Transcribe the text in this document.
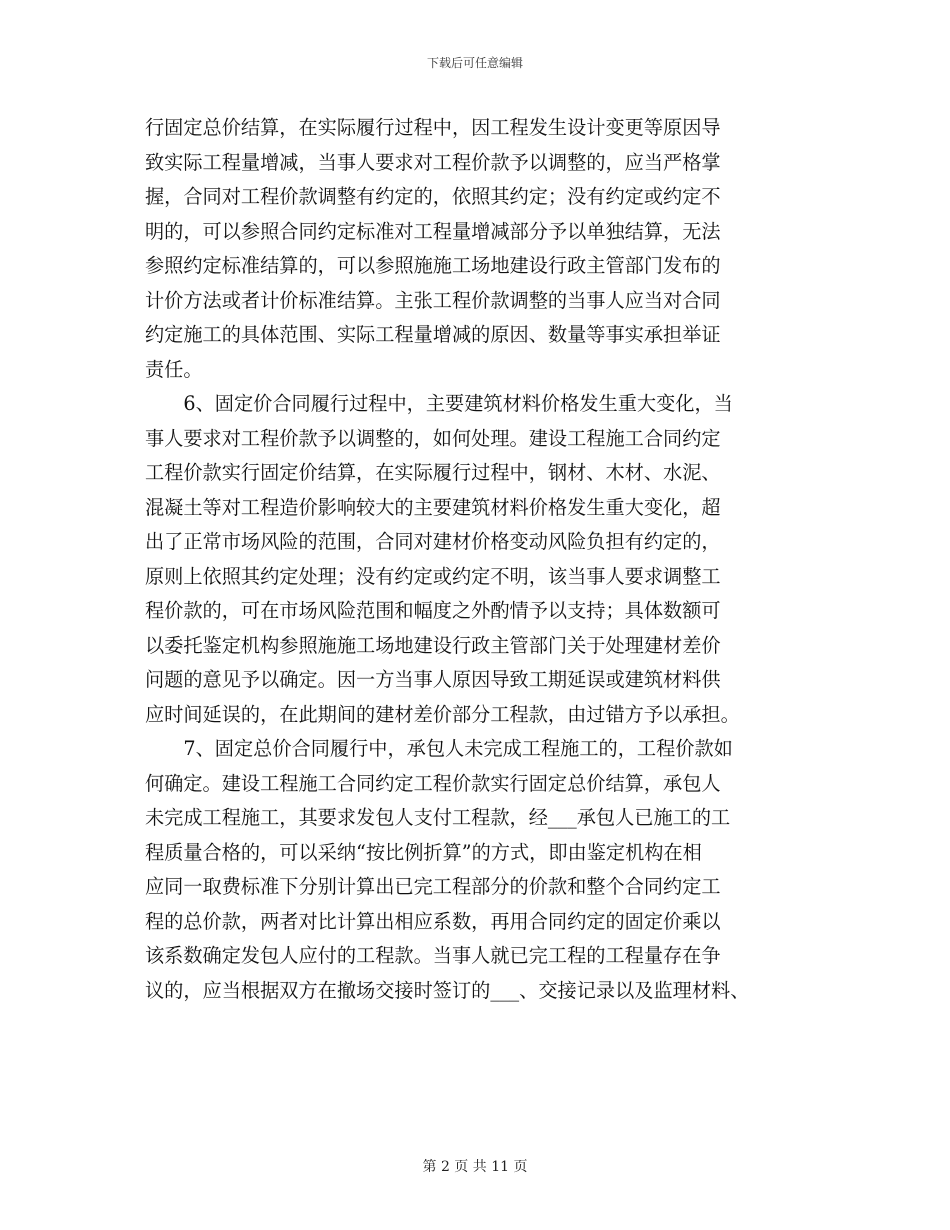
下载后可任意编辑
行固定总价结算，在实际履行过程中，因工程发生设计变更等原因导
致实际工程量增减，当事人要求对工程价款予以调整的，应当严格掌
握，合同对工程价款调整有约定的，依照其约定；没有约定或约定不
明的，可以参照合同约定标准对工程量增减部分予以单独结算，无法
参照约定标准结算的，可以参照施施工场地建设行政主管部门发布的
计价方法或者计价标准结算。主张工程价款调整的当事人应当对合同
约定施工的具体范围、实际工程量增减的原因、数量等事实承担举证
责任。
　　6、固定价合同履行过程中，主要建筑材料价格发生重大变化，当
事人要求对工程价款予以调整的，如何处理。建设工程施工合同约定
工程价款实行固定价结算，在实际履行过程中，钢材、木材、水泥、
混凝土等对工程造价影响较大的主要建筑材料价格发生重大变化，超
出了正常市场风险的范围，合同对建材价格变动风险负担有约定的，
原则上依照其约定处理；没有约定或约定不明，该当事人要求调整工
程价款的，可在市场风险范围和幅度之外酌情予以支持；具体数额可
以委托鉴定机构参照施施工场地建设行政主管部门关于处理建材差价
问题的意见予以确定。因一方当事人原因导致工期延误或建筑材料供
应时间延误的，在此期间的建材差价部分工程款，由过错方予以承担。
　　7、固定总价合同履行中，承包人未完成工程施工的，工程价款如
何确定。建设工程施工合同约定工程价款实行固定总价结算，承包人
未完成工程施工，其要求发包人支付工程款，经___承包人已施工的工
程质量合格的，可以采纳“按比例折算”的方式，即由鉴定机构在相
应同一取费标准下分别计算出已完工程部分的价款和整个合同约定工
程的总价款，两者对比计算出相应系数，再用合同约定的固定价乘以
该系数确定发包人应付的工程款。当事人就已完工程的工程量存在争
议的，应当根据双方在撤场交接时签订的___、交接记录以及监理材料、
第 2 页 共 11 页
